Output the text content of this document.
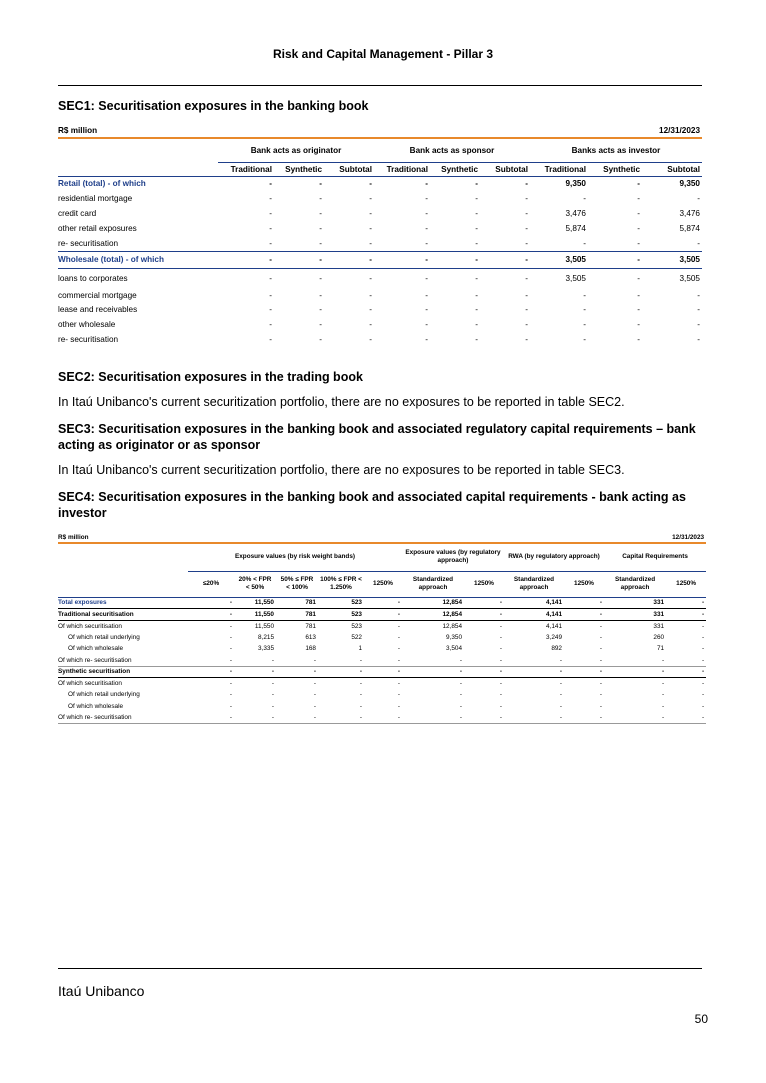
Risk and Capital Management - Pillar 3
SEC1: Securitisation exposures in the banking book
R$ million									12/31/2023
	Bank acts as originator			Bank acts as sponsor			Banks acts as investor		
	Traditional	Synthetic	Subtotal	Traditional	Synthetic	Subtotal	Traditional	Synthetic	Subtotal
Retail (total) - of which	-	-	-	-	-	-	9,350	-	9,350
residential mortgage	-	-	-	-	-	-	-	-	-
credit card	-	-	-	-	-	-	3,476	-	3,476
other retail exposures	-	-	-	-	-	-	5,874	-	5,874
re- securitisation	-	-	-	-	-	-	-	-	-
Wholesale (total) - of which	-	-	-	-	-	-	3,505	-	3,505
loans to corporates	-	-	-	-	-	-	3,505	-	3,505
commercial mortgage	-	-	-	-	-	-	-	-	-
lease and receivables	-	-	-	-	-	-	-	-	-
other wholesale	-	-	-	-	-	-	-	-	-
re- securitisation	-	-	-	-	-	-	-	-	-
SEC2: Securitisation exposures in the trading book
In Itaú Unibanco's current securitization portfolio, there are no exposures to be reported in table SEC2.
SEC3: Securitisation exposures in the banking book and associated regulatory capital requirements – bank acting as originator or as sponsor
In Itaú Unibanco's current securitization portfolio, there are no exposures to be reported in table SEC3.
SEC4: Securitisation exposures in the banking book and associated capital requirements - bank acting as investor
R$ million											12/31/2023
	Exposure values (by risk weight bands)					Exposure values (by regulatory approach)		RWA (by regulatory approach)		Capital Requirements	
	≤20%	20% < FPR < 50%	50% ≤ FPR < 100%	100% ≤ FPR < 1.250%	1250%	Standardized approach	1250%	Standardized approach	1250%	Standardized approach	1250%
Total exposures	-	11,550	781	523	-	12,854	-	4,141	-	331	-
Traditional securitisation	-	11,550	781	523	-	12,854	-	4,141	-	331	-
Of which securitisation	-	11,550	781	523	-	12,854	-	4,141	-	331	-
Of which retail underlying	-	8,215	613	522	-	9,350	-	3,249	-	260	-
Of which wholesale	-	3,335	168	1	-	3,504	-	892	-	71	-
Of which re- securitisation	-	-	-	-	-	-	-	-	-	-	-
Synthetic securitisation	-	-	-	-	-	-	-	-	-	-	-
Of which securitisation	-	-	-	-	-	-	-	-	-	-	-
Of which retail underlying	-	-	-	-	-	-	-	-	-	-	-
Of which wholesale	-	-	-	-	-	-	-	-	-	-	-
Of which re- securitisation	-	-	-	-	-	-	-	-	-	-	-
Itaú Unibanco
50
